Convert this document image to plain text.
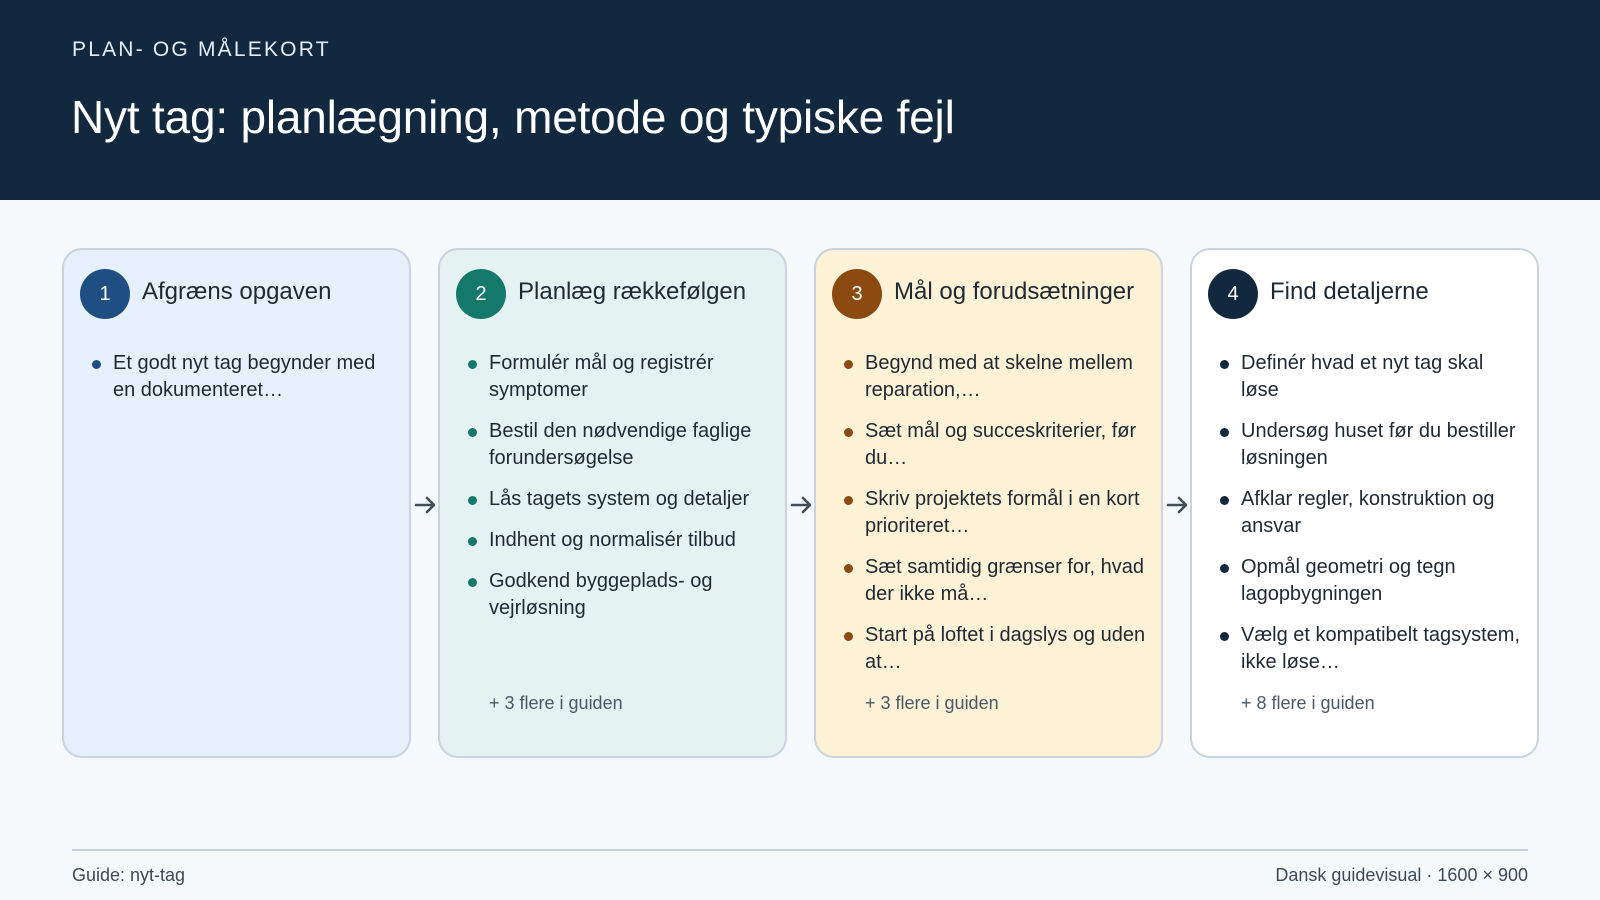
PLAN- OG MÅLEKORT
Nyt tag: planlægning, metode og typiske fejl
1	Afgræns opgaven
Et godt nyt tag begynder med en dokumenteret…
2	Planlæg rækkefølgen
Formulér mål og registrér symptomer
Bestil den nødvendige faglige forundersøgelse
Lås tagets system og detaljer
Indhent og normalisér tilbud
Godkend byggeplads- og vejrløsning
+ 3 flere i guiden
3	Mål og forudsætninger
Begynd med at skelne mellem reparation,…
Sæt mål og succeskriterier, før du…
Skriv projektets formål i en kort prioriteret…
Sæt samtidig grænser for, hvad der ikke må…
Start på loftet i dagslys og uden at…
+ 3 flere i guiden
4	Find detaljerne
Definér hvad et nyt tag skal løse
Undersøg huset før du bestiller løsningen
Afklar regler, konstruktion og ansvar
Opmål geometri og tegn lagopbygningen
Vælg et kompatibelt tagsystem, ikke løse…
+ 8 flere i guiden
Guide: nyt-tag	Dansk guidevisual · 1600 × 900
